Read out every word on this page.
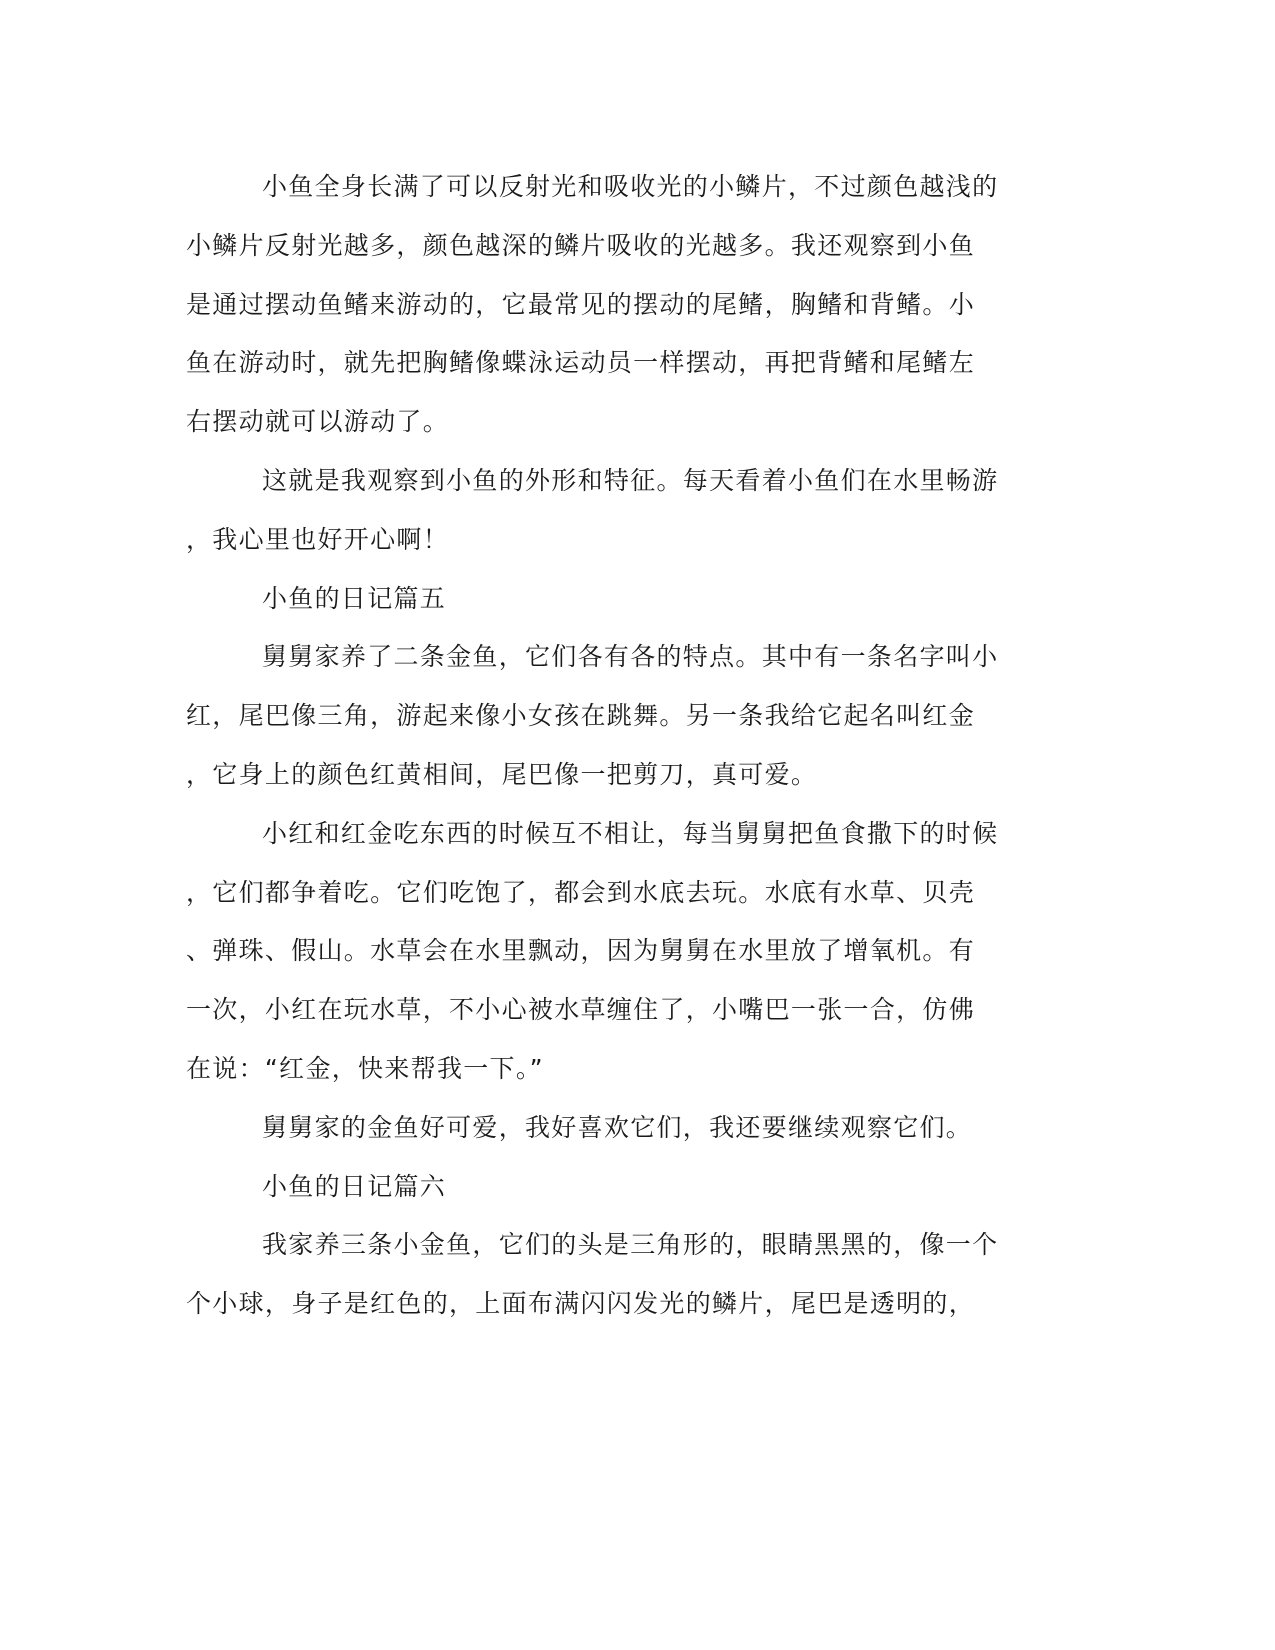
小鱼全身长满了可以反射光和吸收光的小鳞片，不过颜色越浅的
小鳞片反射光越多，颜色越深的鳞片吸收的光越多。我还观察到小鱼
是通过摆动鱼鳍来游动的，它最常见的摆动的尾鳍，胸鳍和背鳍。小
鱼在游动时，就先把胸鳍像蝶泳运动员一样摆动，再把背鳍和尾鳍左
右摆动就可以游动了。
这就是我观察到小鱼的外形和特征。每天看着小鱼们在水里畅游
，我心里也好开心啊！
小鱼的日记篇五
舅舅家养了二条金鱼，它们各有各的特点。其中有一条名字叫小
红，尾巴像三角，游起来像小女孩在跳舞。另一条我给它起名叫红金
，它身上的颜色红黄相间，尾巴像一把剪刀，真可爱。
小红和红金吃东西的时候互不相让，每当舅舅把鱼食撒下的时候
，它们都争着吃。它们吃饱了，都会到水底去玩。水底有水草、贝壳
、弹珠、假山。水草会在水里飘动，因为舅舅在水里放了增氧机。有
一次，小红在玩水草，不小心被水草缠住了，小嘴巴一张一合，仿佛
在说：“红金，快来帮我一下。”
舅舅家的金鱼好可爱，我好喜欢它们，我还要继续观察它们。
小鱼的日记篇六
我家养三条小金鱼，它们的头是三角形的，眼睛黑黑的，像一个
个小球，身子是红色的，上面布满闪闪发光的鳞片，尾巴是透明的，
